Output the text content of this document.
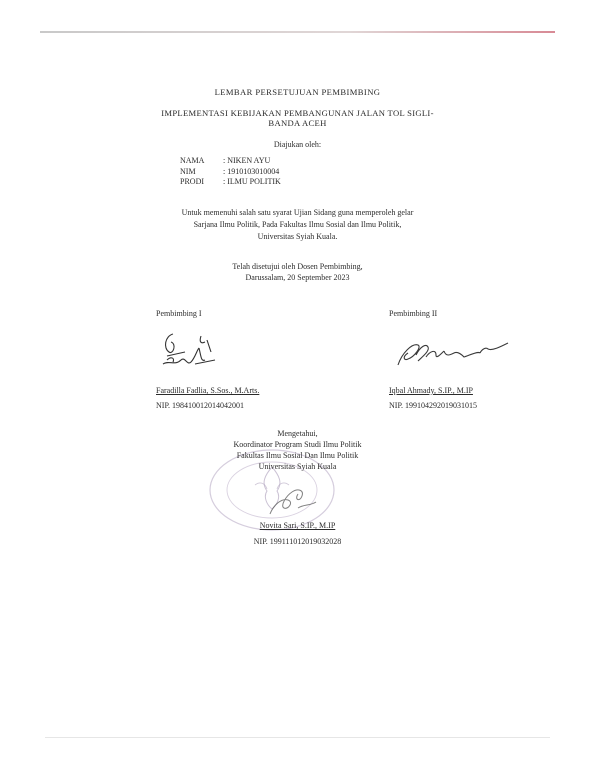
LEMBAR PERSETUJUAN PEMBIMBING
IMPLEMENTASI KEBIJAKAN PEMBANGUNAN JALAN TOL SIGLI-
BANDA ACEH
Diajukan oleh:
NAMA : NIKEN AYU
NIM	: 1910103010004
PRODI : ILMU POLITIK
Untuk memenuhi salah satu syarat Ujian Sidang guna memperoleh gelar
Sarjana Ilmu Politik, Pada Fakultas Ilmu Sosial dan Ilmu Politik,
Universitas Syiah Kuala.
Telah disetujui oleh Dosen Pembimbing,
Darussalam, 20 September 2023
Pembimbing I
Faradilla Fadlia, S.Sos., M.Arts.
NIP. 198410012014042001
Pembimbing II
Iqbal Ahmady, S.IP., M.IP
NIP. 199104292019031015
Mengetahui,
Koordinator Program Studi Ilmu Politik
Fakultas Ilmu Sosial Dan Ilmu Politik
Universitas Syiah Kuala
Novita Sari, S.IP., M.IP
NIP. 199111012019032028
